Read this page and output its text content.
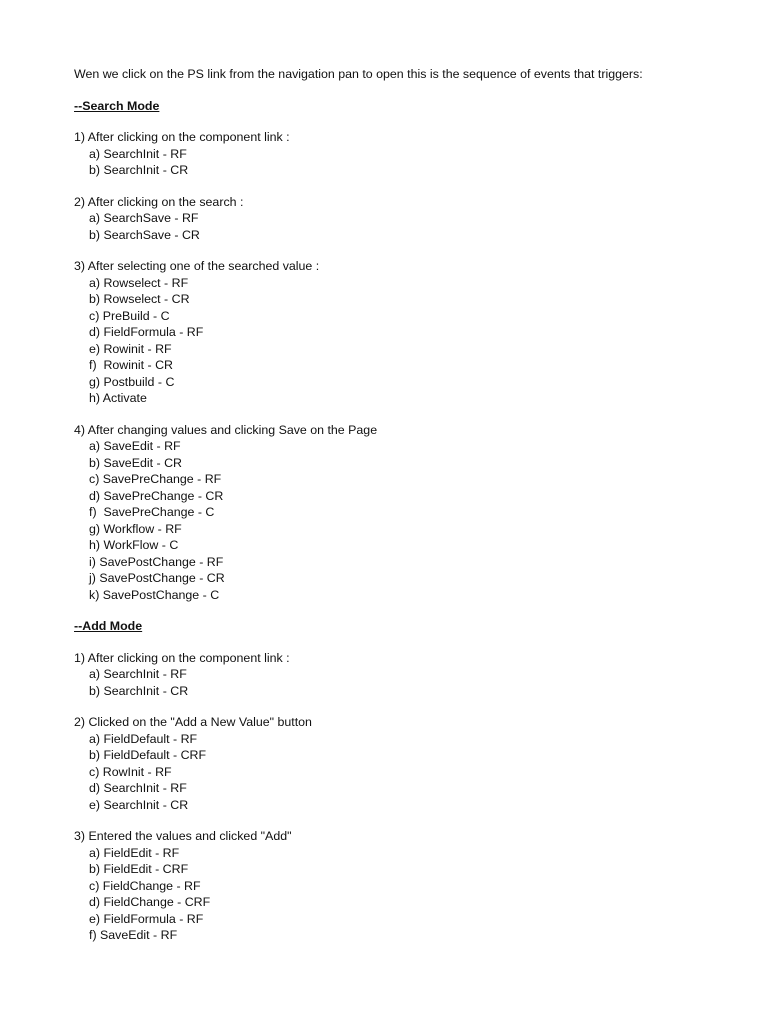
Wen we click on the PS link from the navigation pan to open this is the sequence of events that triggers:
--Search Mode
1) After clicking on the component link :
a) SearchInit - RF
b) SearchInit - CR
2) After clicking on the search :
a) SearchSave - RF
b) SearchSave - CR
3) After selecting one of the searched value :
a) Rowselect - RF
b) Rowselect - CR
c) PreBuild - C
d) FieldFormula - RF
e) Rowinit - RF
f)  Rowinit - CR
g) Postbuild - C
h) Activate
4) After changing values and clicking Save on the Page
a) SaveEdit - RF
b) SaveEdit - CR
c) SavePreChange - RF
d) SavePreChange - CR
f)  SavePreChange - C
g) Workflow - RF
h) WorkFlow - C
i) SavePostChange - RF
j) SavePostChange - CR
k) SavePostChange - C
--Add Mode
1) After clicking on the component link :
a) SearchInit - RF
b) SearchInit - CR
2) Clicked on the "Add a New Value" button
a) FieldDefault - RF
b) FieldDefault - CRF
c) RowInit - RF
d) SearchInit - RF
e) SearchInit - CR
3) Entered the values and clicked "Add"
a) FieldEdit - RF
b) FieldEdit - CRF
c) FieldChange - RF
d) FieldChange - CRF
e) FieldFormula - RF
f) SaveEdit - RF
